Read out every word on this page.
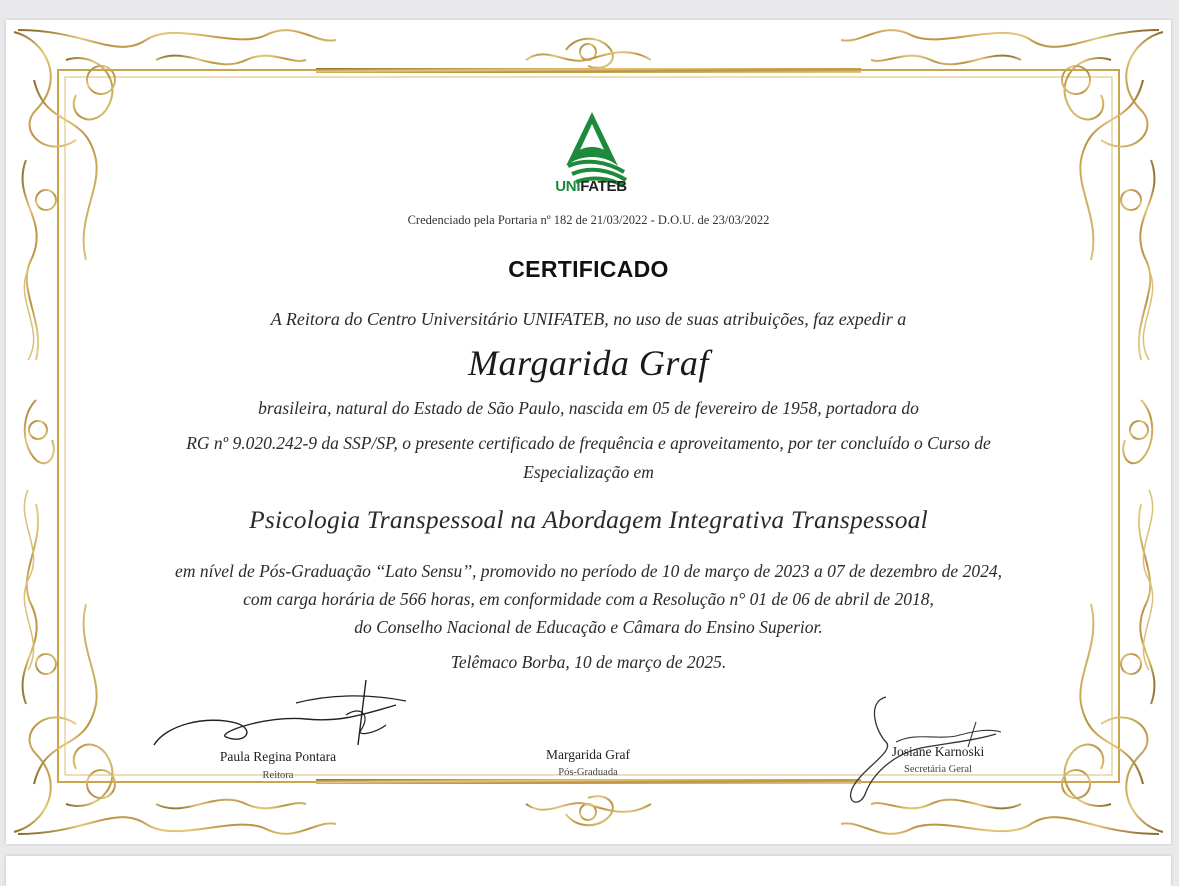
UNIFATEB
Credenciado pela Portaria nº 182 de 21/03/2022 - D.O.U. de 23/03/2022
CERTIFICADO
A Reitora do Centro Universitário UNIFATEB, no uso de suas atribuições, faz expedir a
Margarida Graf
brasileira, natural do Estado de São Paulo, nascida em 05 de fevereiro de 1958, portadora do
RG nº 9.020.242-9 da SSP/SP, o presente certificado de frequência e aproveitamento, por ter concluído o Curso de
Especialização em
Psicologia Transpessoal na Abordagem Integrativa Transpessoal
em nível de Pós-Graduação ‘‘Lato Sensu’’, promovido no período de 10 de março de 2023 a 07 de dezembro de 2024,
com carga horária de 566 horas, em conformidade com a Resolução n° 01 de 06 de abril de 2018,
do Conselho Nacional de Educação e Câmara do Ensino Superior.
Telêmaco Borba, 10 de março de 2025.
Paula Regina Pontara
Reitora
Margarida Graf
Pós-Graduada
Josiane Karnoski
Secretária Geral
